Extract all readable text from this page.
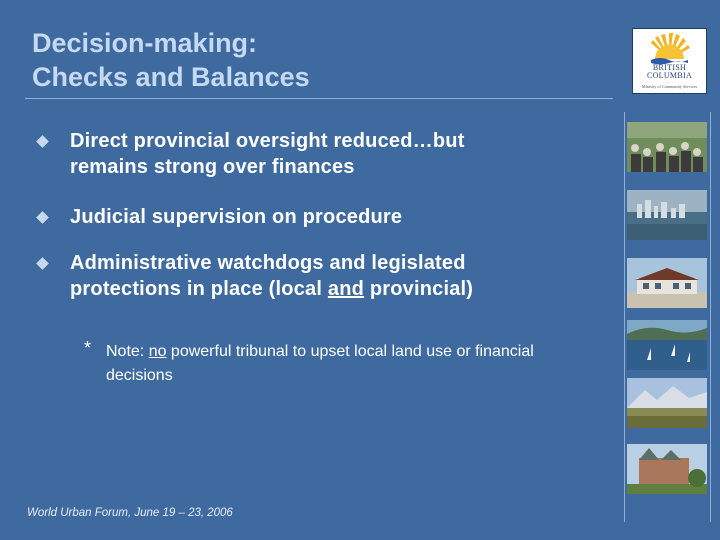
Decision-making:
Checks and Balances	BRITISH
COLUMBIA
Ministry of Community Services
Direct provincial oversight reduced…but
remains strong over finances
Judicial supervision on procedure
Administrative watchdogs and legislated
protections in place (local and provincial)
* Note: no powerful tribunal to upset local land use or financial
decisions
World Urban Forum, June 19 – 23, 2006
